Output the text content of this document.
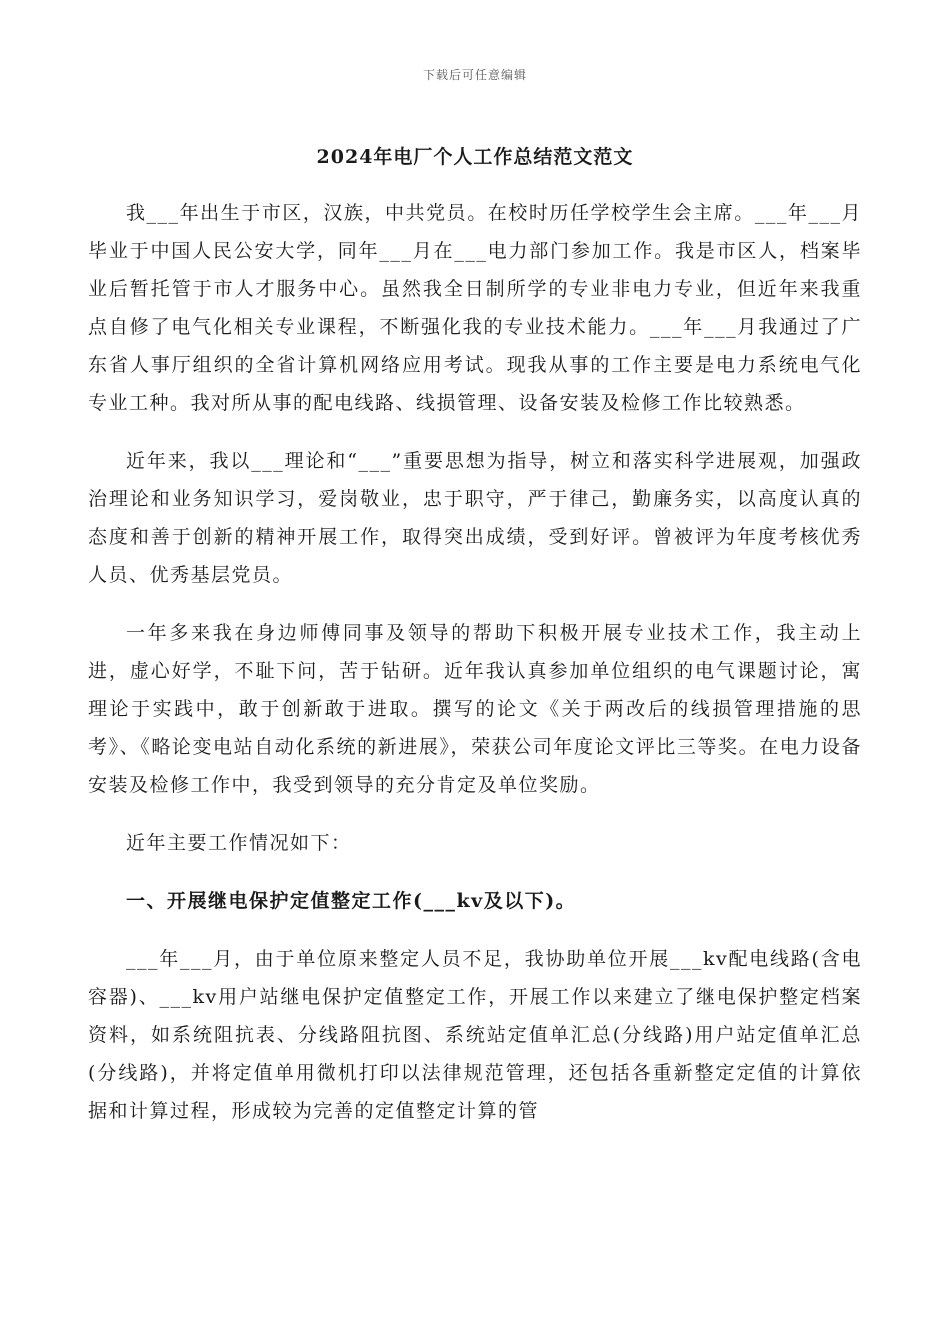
下载后可任意编辑
2024年电厂个人工作总结范文范文

我___年出生于市区，汉族，中共党员。在校时历任学校学生会主席。___年___月毕业于中国人民公安大学，同年___月在___电力部门参加工作。我是市区人，档案毕业后暂托管于市人才服务中心。虽然我全日制所学的专业非电力专业，但近年来我重点自修了电气化相关专业课程，不断强化我的专业技术能力。___年___月我通过了广东省人事厅组织的全省计算机网络应用考试。现我从事的工作主要是电力系统电气化专业工种。我对所从事的配电线路、线损管理、设备安装及检修工作比较熟悉。

近年来，我以___理论和“___”重要思想为指导，树立和落实科学进展观，加强政治理论和业务知识学习，爱岗敬业，忠于职守，严于律己，勤廉务实，以高度认真的态度和善于创新的精神开展工作，取得突出成绩，受到好评。曾被评为年度考核优秀人员、优秀基层党员。

一年多来我在身边师傅同事及领导的帮助下积极开展专业技术工作，我主动上进，虚心好学，不耻下问，苦于钻研。近年我认真参加单位组织的电气课题讨论，寓理论于实践中，敢于创新敢于进取。撰写的论文《关于两改后的线损管理措施的思考》、《略论变电站自动化系统的新进展》，荣获公司年度论文评比三等奖。在电力设备安装及检修工作中，我受到领导的充分肯定及单位奖励。

近年主要工作情况如下：

一、开展继电保护定值整定工作(___kv及以下)。

___年___月，由于单位原来整定人员不足，我协助单位开展___kv配电线路(含电容器)、___kv用户站继电保护定值整定工作，开展工作以来建立了继电保护整定档案资料，如系统阻抗表、分线路阻抗图、系统站定值单汇总(分线路)用户站定值单汇总(分线路)，并将定值单用微机打印以法律规范管理，还包括各重新整定定值的计算依据和计算过程，形成较为完善的定值整定计算的管
